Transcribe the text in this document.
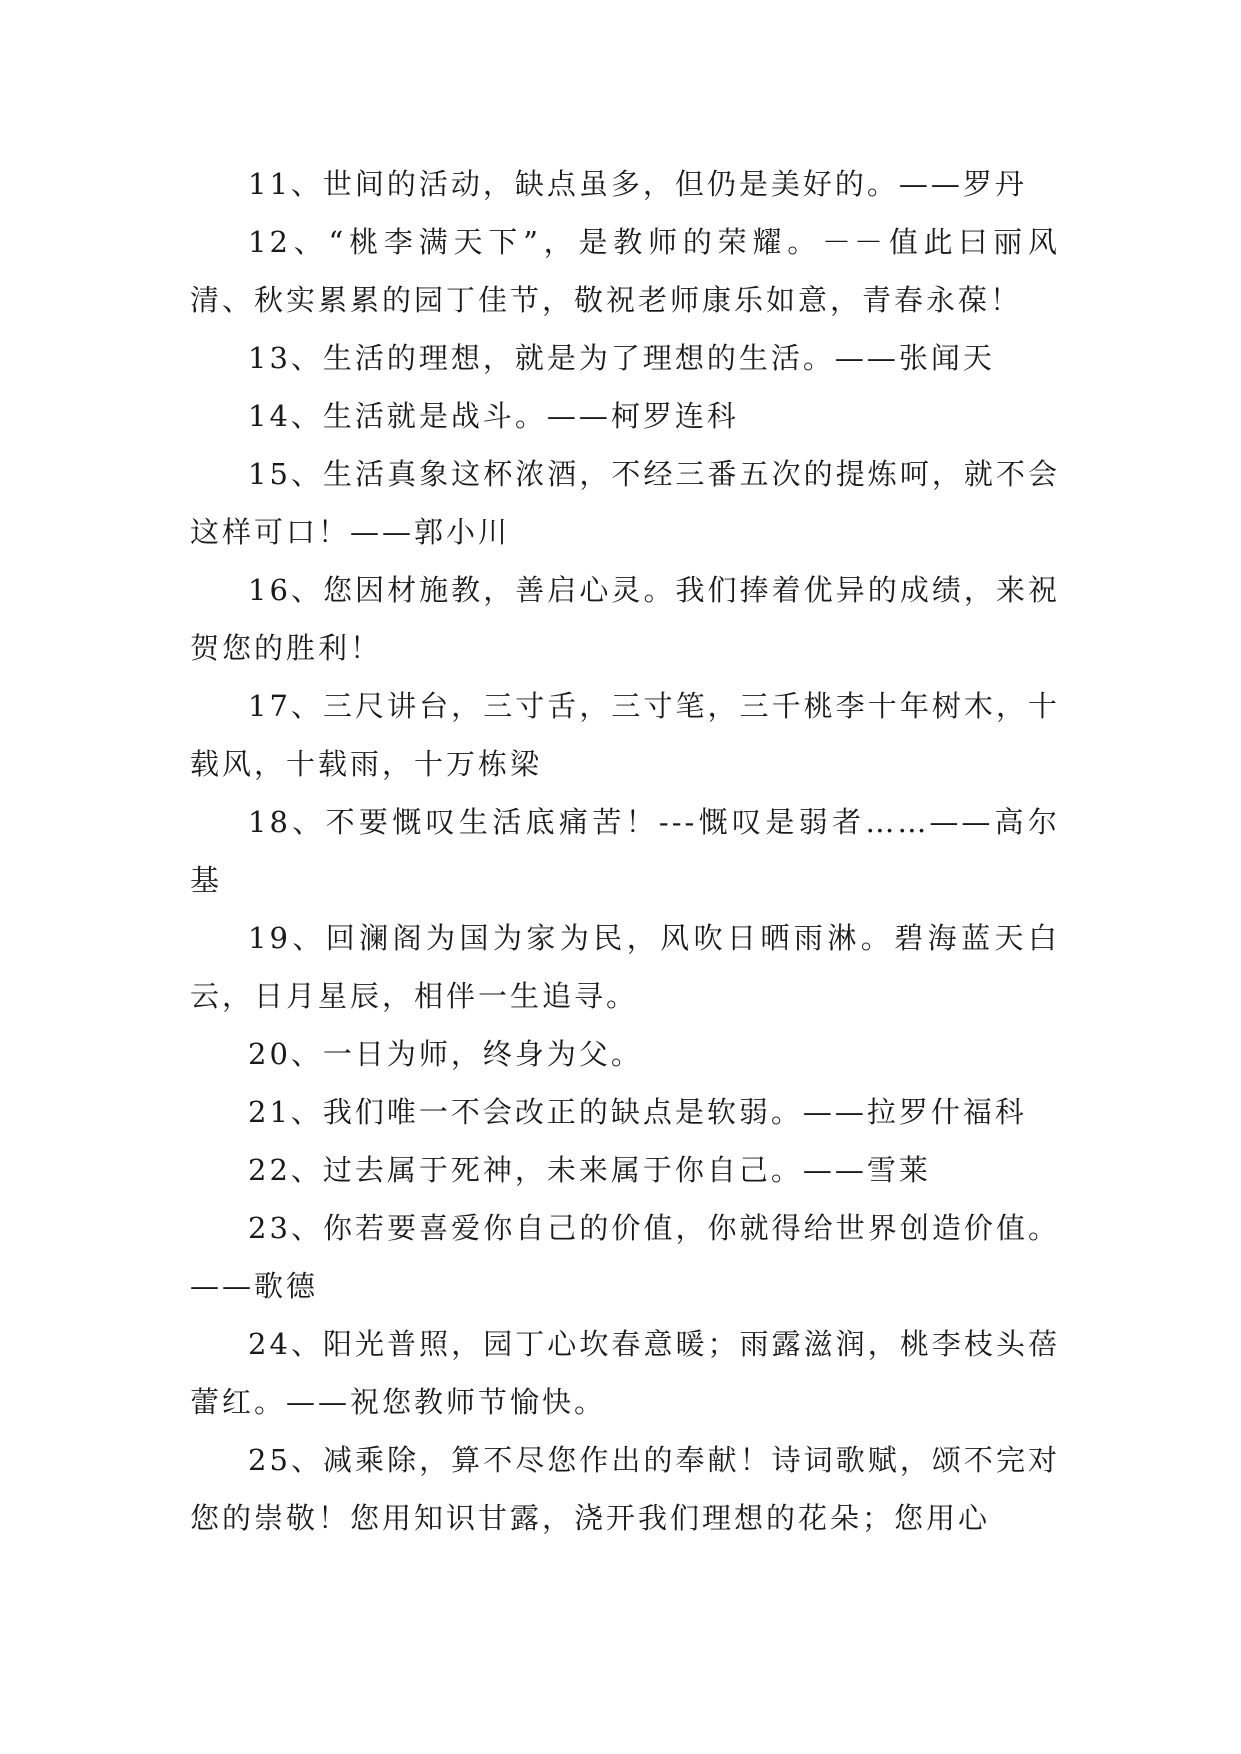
11、世间的活动，缺点虽多，但仍是美好的。——罗丹

12、“桃李满天下”，是教师的荣耀。－－值此曰丽风清、秋实累累的园丁佳节，敬祝老师康乐如意，青春永葆！

13、生活的理想，就是为了理想的生活。——张闻天

14、生活就是战斗。——柯罗连科

15、生活真象这杯浓酒，不经三番五次的提炼呵，就不会这样可口！——郭小川

16、您因材施教，善启心灵。我们捧着优异的成绩，来祝贺您的胜利！

17、三尺讲台，三寸舌，三寸笔，三千桃李十年树木，十载风，十载雨，十万栋梁

18、不要慨叹生活底痛苦！---慨叹是弱者……——高尔基

19、回澜阁为国为家为民，风吹日晒雨淋。碧海蓝天白云，日月星辰，相伴一生追寻。

20、一日为师，终身为父。

21、我们唯一不会改正的缺点是软弱。——拉罗什福科

22、过去属于死神，未来属于你自己。——雪莱

23、你若要喜爱你自己的价值，你就得给世界创造价值。——歌德

24、阳光普照，园丁心坎春意暖；雨露滋润，桃李枝头蓓蕾红。——祝您教师节愉快。

25、减乘除，算不尽您作出的奉献！诗词歌赋，颂不完对您的崇敬！您用知识甘露，浇开我们理想的花朵；您用心
